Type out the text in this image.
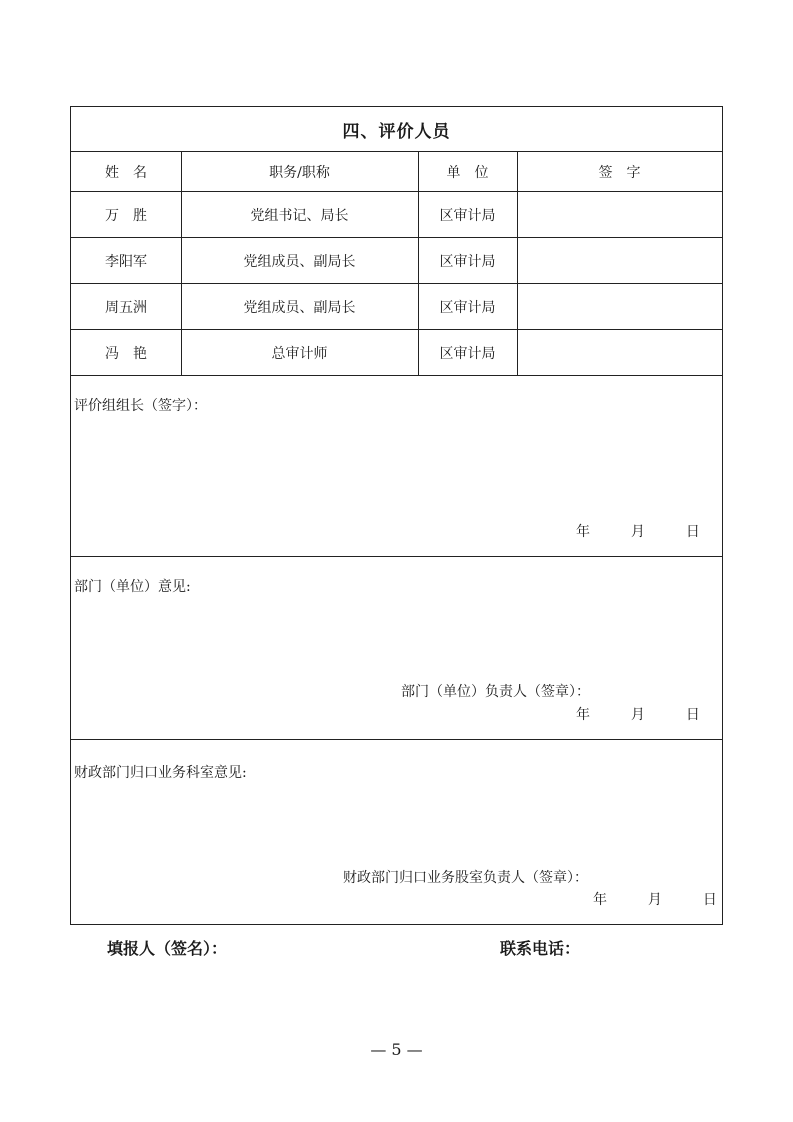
四、评价人员
姓　名	职务/职称	单　位	签　字
万　胜	党组书记、局长	区审计局
李阳军	党组成员、副局长	区审计局
周五洲	党组成员、副局长	区审计局
冯　艳	总审计师	区审计局
评价组组长（签字）：
年	月	日
部门（单位）意见:
部门（单位）负责人（签章）：
年	月	日
财政部门归口业务科室意见:
财政部门归口业务股室负责人（签章）：
年	月	日
填报人（签名）：	联系电话：
— 5 —
